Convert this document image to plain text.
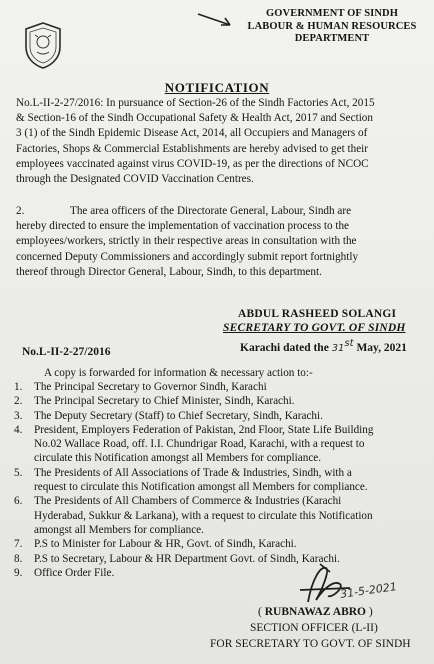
GOVERNMENT OF SINDH
LABOUR & HUMAN RESOURCES
DEPARTMENT
NOTIFICATION
No.L-II-2-27/2016: In pursuance of Section-26 of the Sindh Factories Act, 2015
& Section-16 of the Sindh Occupational Safety & Health Act, 2017 and Section
3 (1) of the Sindh Epidemic Disease Act, 2014, all Occupiers and Managers of
Factories, Shops & Commercial Establishments are hereby advised to get their
employees vaccinated against virus COVID-19, as per the directions of NCOC
through the Designated COVID Vaccination Centres.
2.	The area officers of the Directorate General, Labour, Sindh are
hereby directed to ensure the implementation of vaccination process to the
employees/workers, strictly in their respective areas in consultation with the
concerned Deputy Commissioners and accordingly submit report fortnightly
thereof through Director General, Labour, Sindh, to this department.
ABDUL RASHEED SOLANGI
SECRETARY TO GOVT. OF SINDH
No.L-II-2-27/2016	Karachi dated the 31st May, 2021
A copy is forwarded for information & necessary action to:-
1.	The Principal Secretary to Governor Sindh, Karachi
2.	The Principal Secretary to Chief Minister, Sindh, Karachi.
3.	The Deputy Secretary (Staff) to Chief Secretary, Sindh, Karachi.
4.	President, Employers Federation of Pakistan, 2nd Floor, State Life Building
No.02 Wallace Road, off. I.I. Chundrigar Road, Karachi, with a request to
circulate this Notification amongst all Members for compliance.
5.	The Presidents of All Associations of Trade & Industries, Sindh, with a
request to circulate this Notification amongst all Members for compliance.
6.	The Presidents of All Chambers of Commerce & Industries (Karachi
Hyderabad, Sukkur & Larkana), with a request to circulate this Notification
amongst all Members for compliance.
7.	P.S to Minister for Labour & HR, Govt. of Sindh, Karachi.
8.	P.S to Secretary, Labour & HR Department Govt. of Sindh, Karachi.
9.	Office Order File.
31-5-2021
( RUBNAWAZ ABRO )
SECTION OFFICER (L-II)
FOR SECRETARY TO GOVT. OF SINDH
